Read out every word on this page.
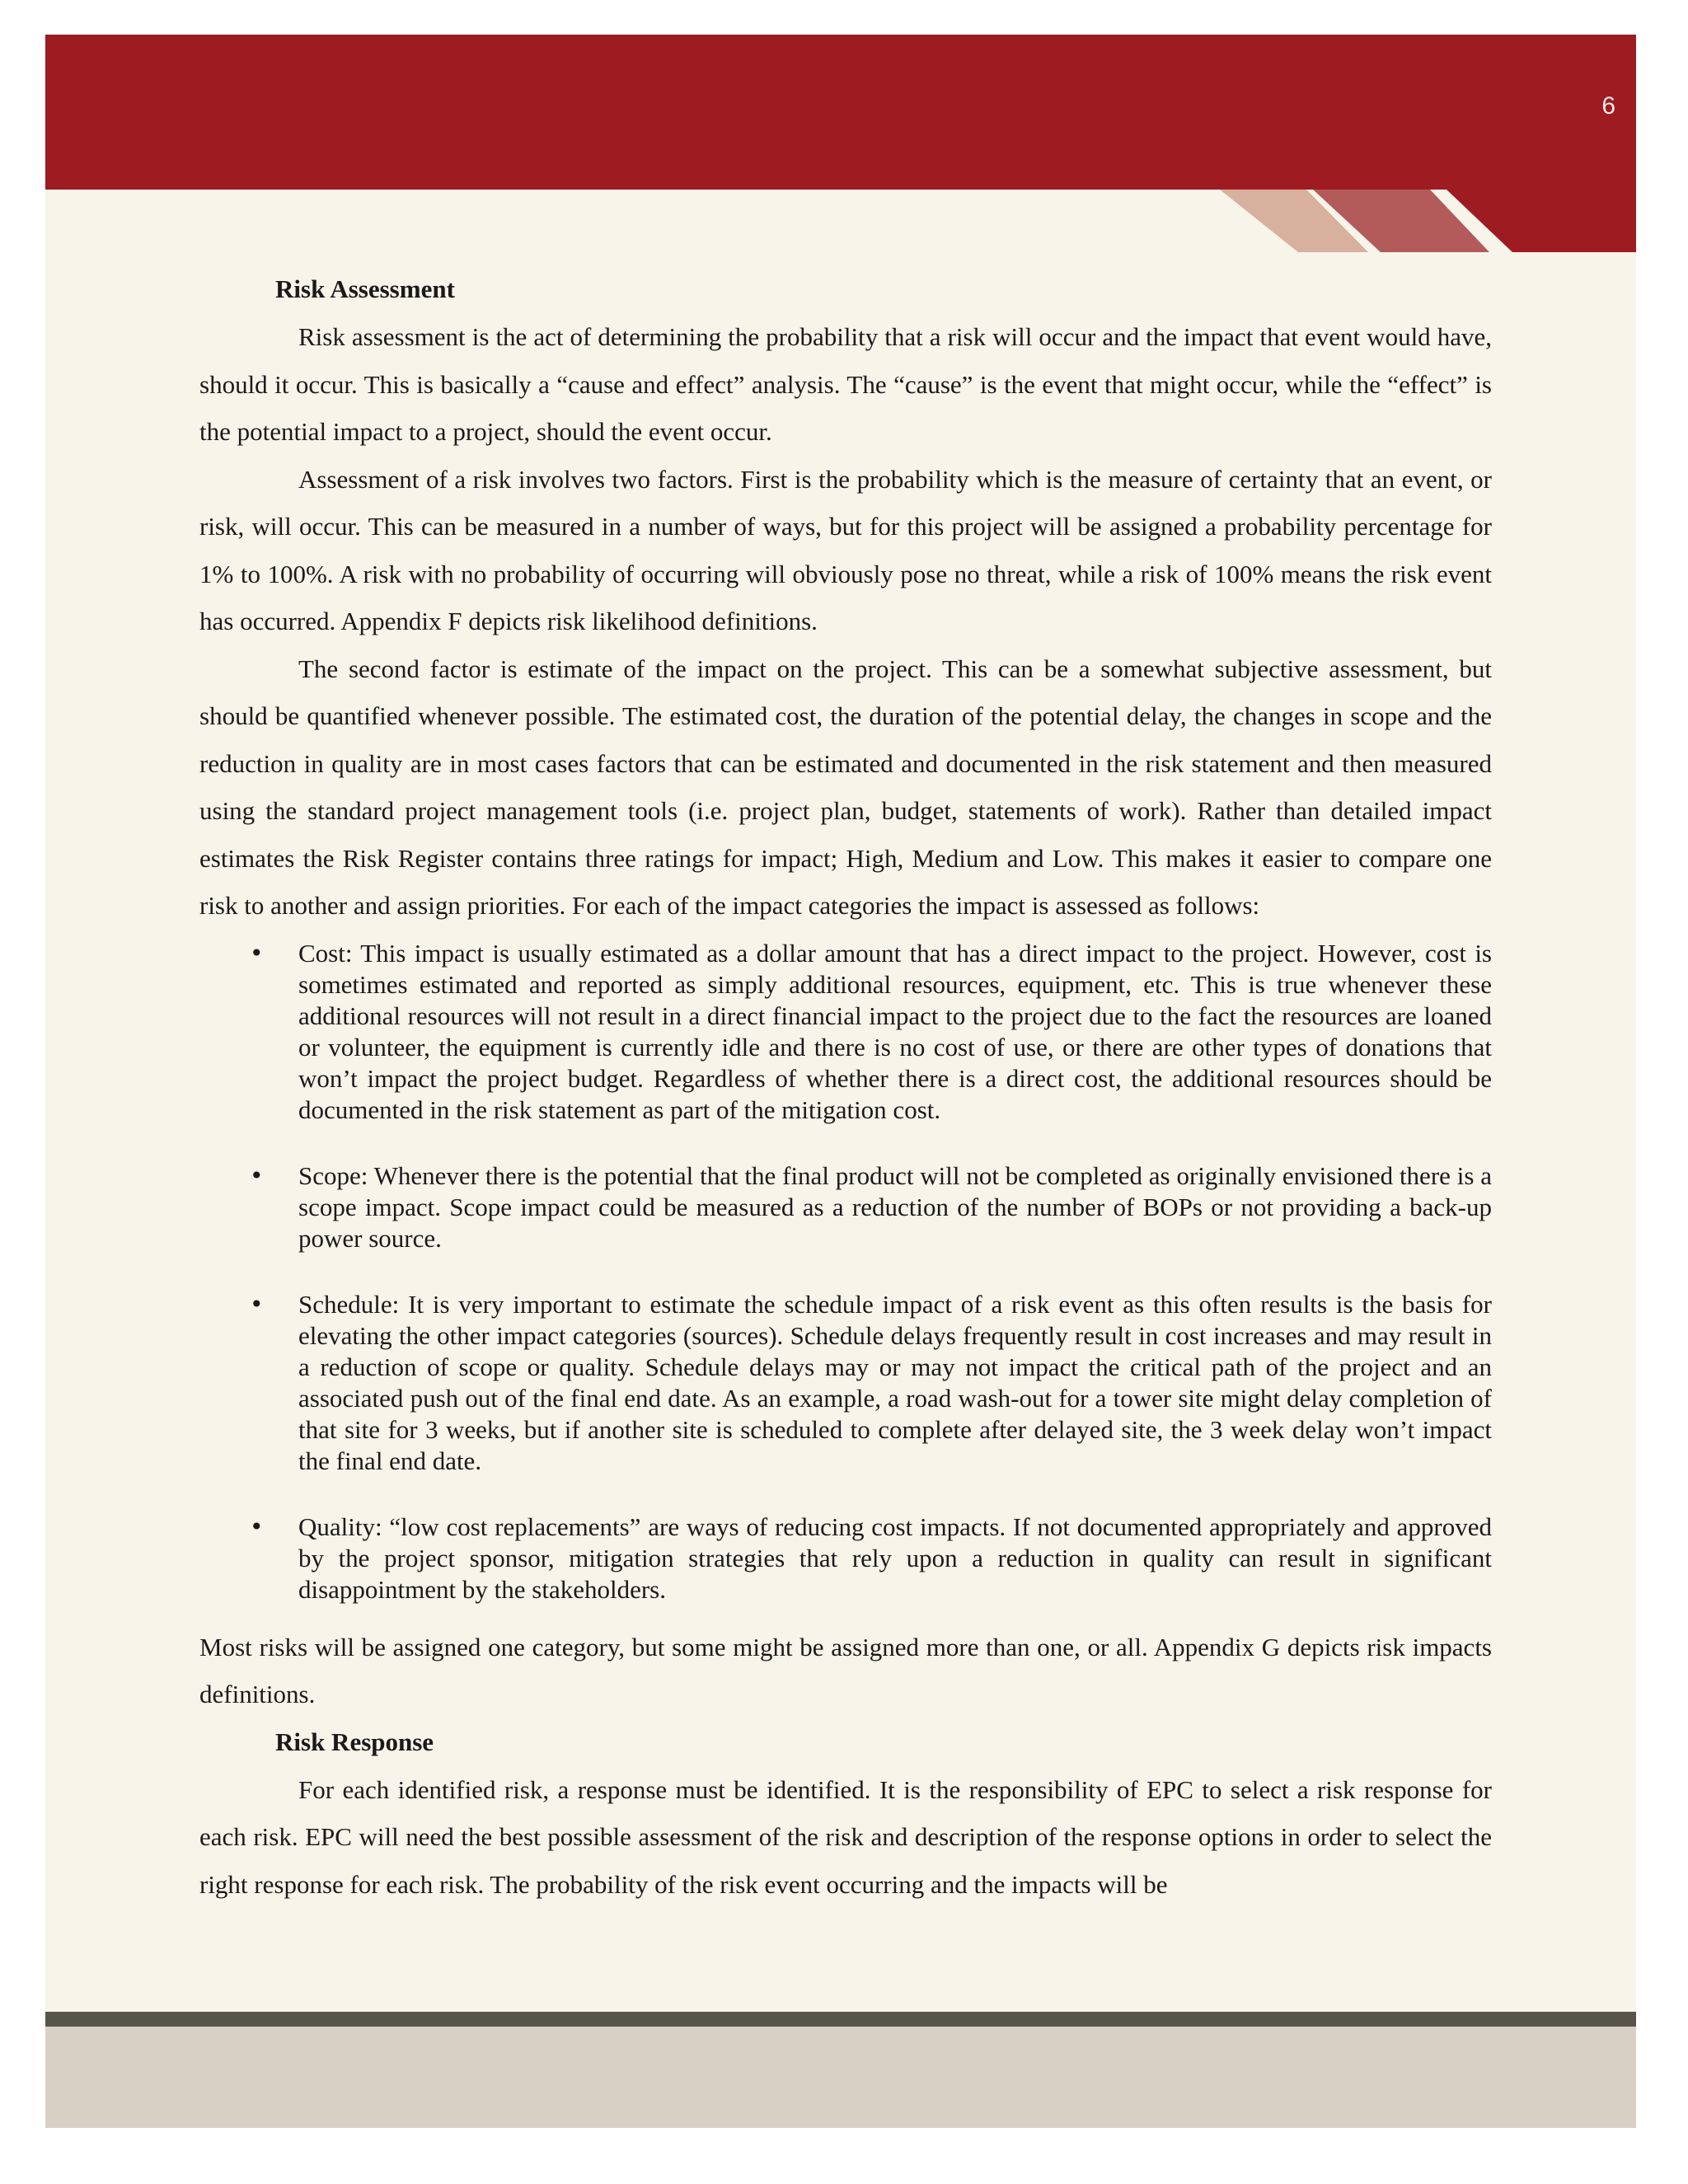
6
Risk Assessment

Risk assessment is the act of determining the probability that a risk will occur and the impact that event would have, should it occur. This is basically a “cause and effect” analysis. The “cause” is the event that might occur, while the “effect” is the potential impact to a project, should the event occur.

Assessment of a risk involves two factors. First is the probability which is the measure of certainty that an event, or risk, will occur. This can be measured in a number of ways, but for this project will be assigned a probability percentage for 1% to 100%. A risk with no probability of occurring will obviously pose no threat, while a risk of 100% means the risk event has occurred. Appendix F depicts risk likelihood definitions.

The second factor is estimate of the impact on the project. This can be a somewhat subjective assessment, but should be quantified whenever possible. The estimated cost, the duration of the potential delay, the changes in scope and the reduction in quality are in most cases factors that can be estimated and documented in the risk statement and then measured using the standard project management tools (i.e. project plan, budget, statements of work). Rather than detailed impact estimates the Risk Register contains three ratings for impact; High, Medium and Low. This makes it easier to compare one risk to another and assign priorities. For each of the impact categories the impact is assessed as follows:

• Cost: This impact is usually estimated as a dollar amount that has a direct impact to the project. However, cost is sometimes estimated and reported as simply additional resources, equipment, etc. This is true whenever these additional resources will not result in a direct financial impact to the project due to the fact the resources are loaned or volunteer, the equipment is currently idle and there is no cost of use, or there are other types of donations that won’t impact the project budget. Regardless of whether there is a direct cost, the additional resources should be documented in the risk statement as part of the mitigation cost.
• Scope: Whenever there is the potential that the final product will not be completed as originally envisioned there is a scope impact. Scope impact could be measured as a reduction of the number of BOPs or not providing a back-up power source.
• Schedule: It is very important to estimate the schedule impact of a risk event as this often results is the basis for elevating the other impact categories (sources). Schedule delays frequently result in cost increases and may result in a reduction of scope or quality. Schedule delays may or may not impact the critical path of the project and an associated push out of the final end date. As an example, a road wash-out for a tower site might delay completion of that site for 3 weeks, but if another site is scheduled to complete after delayed site, the 3 week delay won’t impact the final end date.
• Quality: “low cost replacements” are ways of reducing cost impacts. If not documented appropriately and approved by the project sponsor, mitigation strategies that rely upon a reduction in quality can result in significant disappointment by the stakeholders.

Most risks will be assigned one category, but some might be assigned more than one, or all. Appendix G depicts risk impacts definitions.

Risk Response

For each identified risk, a response must be identified. It is the responsibility of EPC to select a risk response for each risk. EPC will need the best possible assessment of the risk and description of the response options in order to select the right response for each risk. The probability of the risk event occurring and the impacts will be
